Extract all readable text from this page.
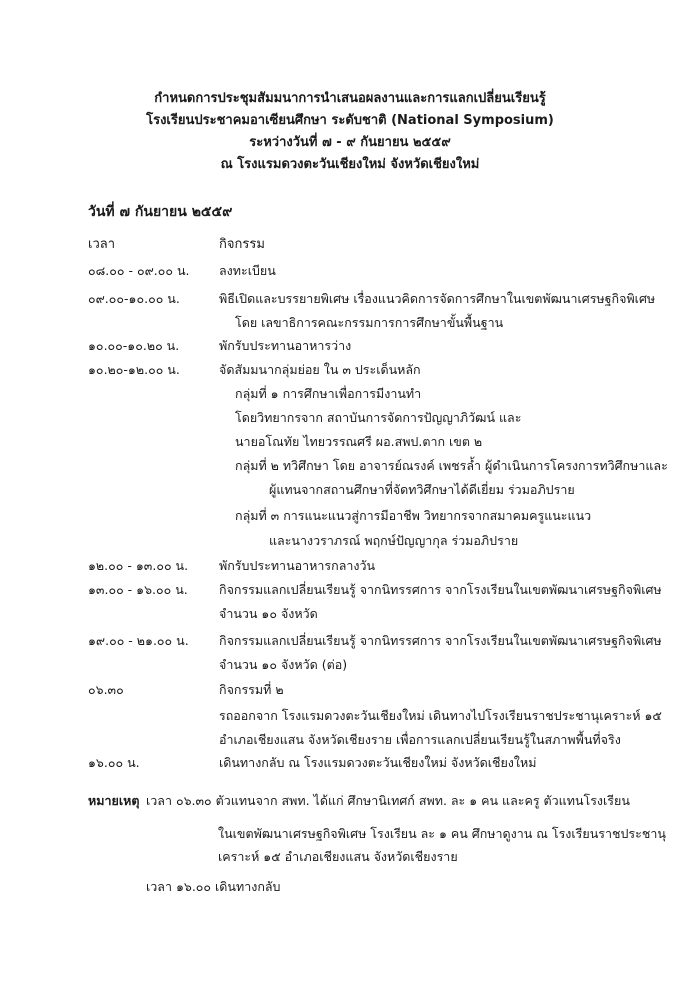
กำหนดการประชุมสัมมนาการนำเสนอผลงานและการแลกเปลี่ยนเรียนรู้
โรงเรียนประชาคมอาเซียนศึกษา ระดับชาติ (National Symposium)
ระหว่างวันที่ ๗ - ๙ กันยายน ๒๕๕๙
ณ โรงแรมดวงตะวันเชียงใหม่ จังหวัดเชียงใหม่
วันที่ ๗ กันยายน ๒๕๕๙
เวลา	กิจกรรม
๐๘.๐๐ - ๐๙.๐๐ น. ลงทะเบียน
๐๙.๐๐-๑๐.๐๐ น.	พิธีเปิดและบรรยายพิเศษ เรื่องแนวคิดการจัดการศึกษาในเขตพัฒนาเศรษฐกิจพิเศษ
โดย เลขาธิการคณะกรรมการการศึกษาขั้นพื้นฐาน
๑๐.๐๐-๑๐.๒๐ น.	พักรับประทานอาหารว่าง
๑๐.๒๐-๑๒.๐๐ น.	จัดสัมมนากลุ่มย่อย ใน ๓ ประเด็นหลัก
กลุ่มที่ ๑ การศึกษาเพื่อการมีงานทำ
โดยวิทยากรจาก สถาบันการจัดการปัญญาภิวัฒน์ และ
นายอโณทัย ไทยวรรณศรี ผอ.สพป.ตาก เขต ๒
กลุ่มที่ ๒ ทวิศึกษา โดย อาจารย์ณรงค์ เพชรล้ำ ผู้ดำเนินการโครงการทวิศึกษาและ
ผู้แทนจากสถานศึกษาที่จัดทวิศึกษาได้ดีเยี่ยม ร่วมอภิปราย
กลุ่มที่ ๓ การแนะแนวสู่การมีอาชีพ วิทยากรจากสมาคมครูแนะแนว
และนางวราภรณ์ พฤกษ์ปัญญากุล ร่วมอภิปราย
๑๒.๐๐ - ๑๓.๐๐ น. พักรับประทานอาหารกลางวัน
๑๓.๐๐ - ๑๖.๐๐ น. กิจกรรมแลกเปลี่ยนเรียนรู้ จากนิทรรศการ จากโรงเรียนในเขตพัฒนาเศรษฐกิจพิเศษ
จำนวน ๑๐ จังหวัด
๑๙.๐๐ - ๒๑.๐๐ น. กิจกรรมแลกเปลี่ยนเรียนรู้ จากนิทรรศการ จากโรงเรียนในเขตพัฒนาเศรษฐกิจพิเศษ
จำนวน ๑๐ จังหวัด (ต่อ)
๐๖.๓๐	กิจกรรมที่ ๒
รถออกจาก โรงแรมดวงตะวันเชียงใหม่ เดินทางไปโรงเรียนราชประชานุเคราะห์ ๑๕
อำเภอเชียงแสน จังหวัดเชียงราย เพื่อการแลกเปลี่ยนเรียนรู้ในสภาพพื้นที่จริง
๑๖.๐๐ น.	เดินทางกลับ ณ โรงแรมดวงตะวันเชียงใหม่ จังหวัดเชียงใหม่
หมายเหตุ เวลา ๐๖.๓๐ ตัวแทนจาก สพท. ได้แก่ ศึกษานิเทศก์ สพท. ละ ๑ คน และครู ตัวแทนโรงเรียน
ในเขตพัฒนาเศรษฐกิจพิเศษ โรงเรียน ละ ๑ คน ศึกษาดูงาน ณ โรงเรียนราชประชานุ
เคราะห์ ๑๕ อำเภอเชียงแสน จังหวัดเชียงราย
เวลา ๑๖.๐๐ เดินทางกลับ
